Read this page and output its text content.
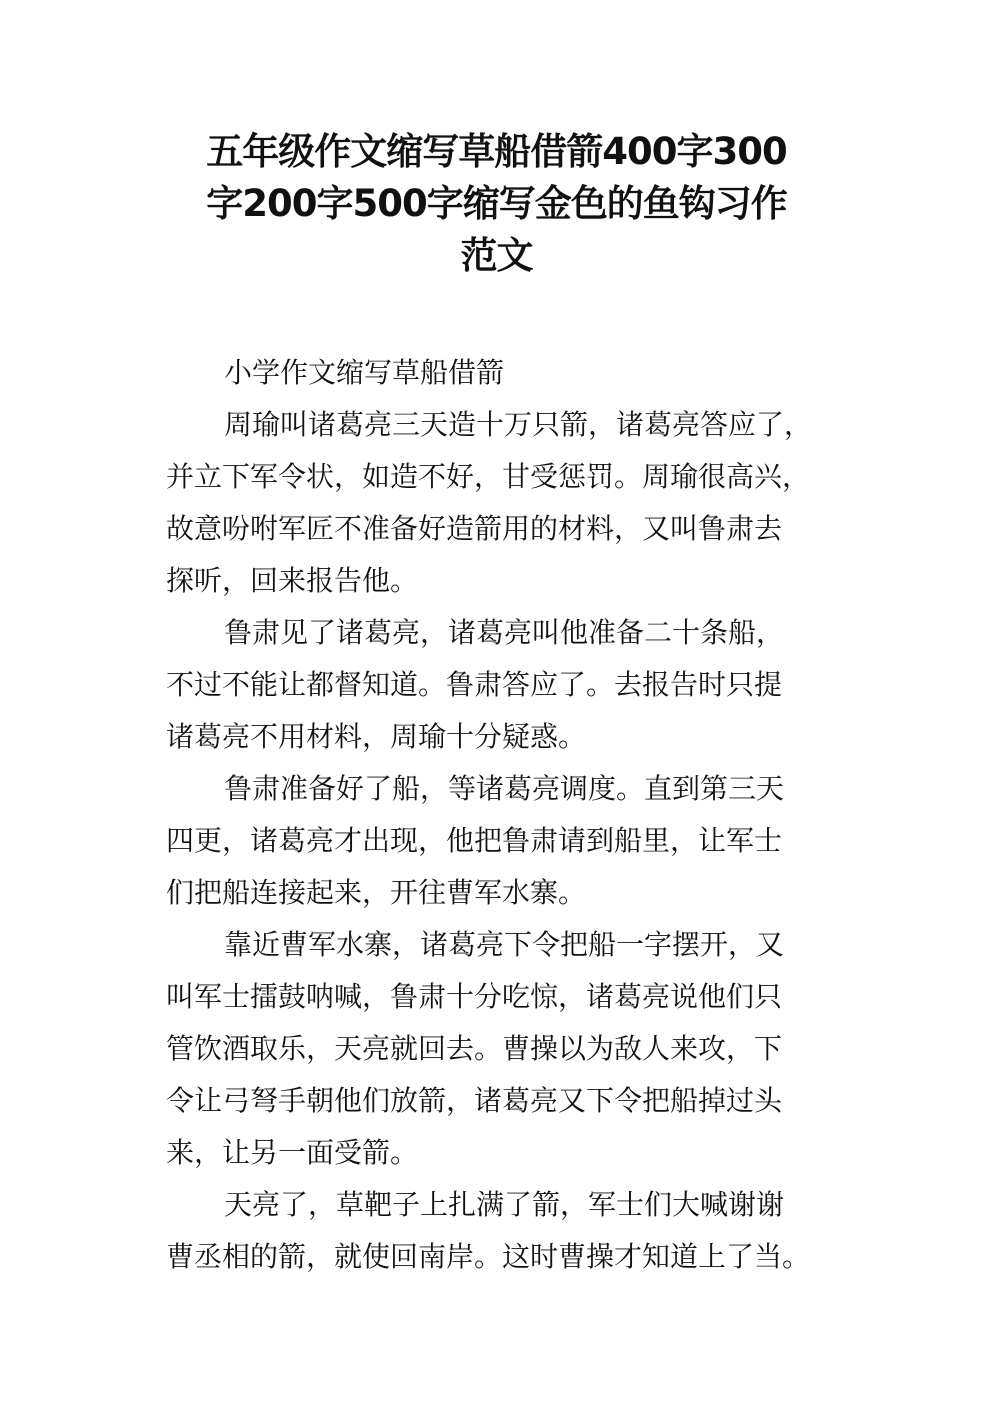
五年级作文缩写草船借箭400字300
字200字500字缩写金色的鱼钩习作
范文
小学作文缩写草船借箭
周瑜叫诸葛亮三天造十万只箭，诸葛亮答应了，
并立下军令状，如造不好，甘受惩罚。周瑜很高兴，
故意吩咐军匠不准备好造箭用的材料，又叫鲁肃去
探听，回来报告他。
鲁肃见了诸葛亮，诸葛亮叫他准备二十条船，
不过不能让都督知道。鲁肃答应了。去报告时只提
诸葛亮不用材料，周瑜十分疑惑。
鲁肃准备好了船，等诸葛亮调度。直到第三天
四更，诸葛亮才出现，他把鲁肃请到船里，让军士
们把船连接起来，开往曹军水寨。
靠近曹军水寨，诸葛亮下令把船一字摆开，又
叫军士擂鼓呐喊，鲁肃十分吃惊，诸葛亮说他们只
管饮酒取乐，天亮就回去。曹操以为敌人来攻，下
令让弓弩手朝他们放箭，诸葛亮又下令把船掉过头
来，让另一面受箭。
天亮了，草靶子上扎满了箭，军士们大喊谢谢
曹丞相的箭，就使回南岸。这时曹操才知道上了当。
